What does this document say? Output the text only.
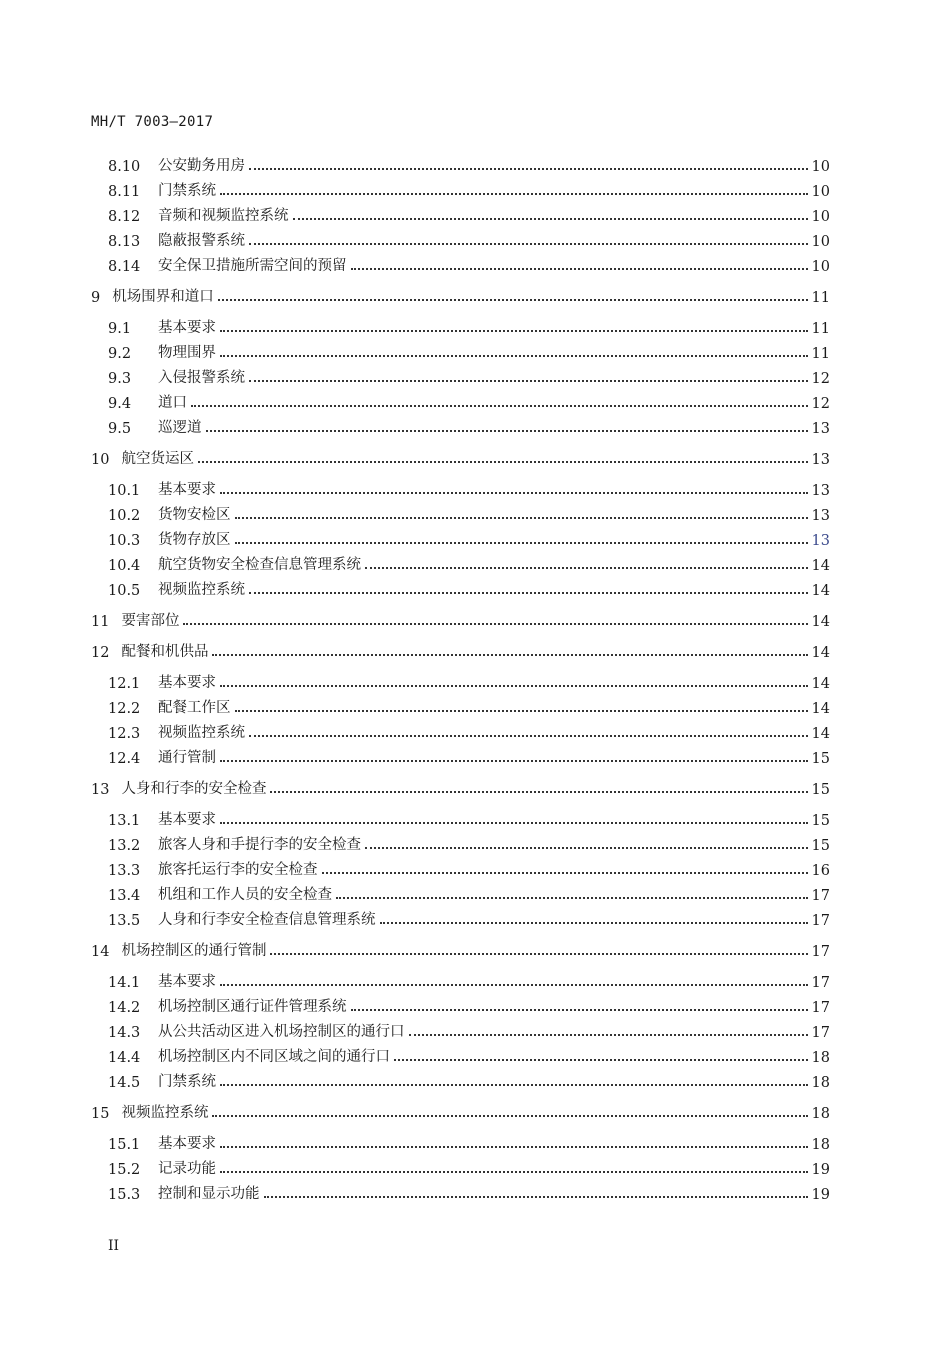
MH/T 7003—2017
8.10	公安勤务用房	10
8.11	门禁系统	10
8.12	音频和视频监控系统	10
8.13	隐蔽报警系统	10
8.14	安全保卫措施所需空间的预留	10
9 机场围界和道口	11
9.1	基本要求	11
9.2	物理围界	11
9.3	入侵报警系统	12
9.4	道口	12
9.5	巡逻道	13
10 航空货运区	13
10.1	基本要求	13
10.2	货物安检区	13
10.3	货物存放区	13
10.4	航空货物安全检查信息管理系统	14
10.5	视频监控系统	14
11 要害部位	14
12 配餐和机供品	14
12.1	基本要求	14
12.2	配餐工作区	14
12.3	视频监控系统	14
12.4	通行管制	15
13 人身和行李的安全检查	15
13.1	基本要求	15
13.2	旅客人身和手提行李的安全检查	15
13.3	旅客托运行李的安全检查	16
13.4	机组和工作人员的安全检查	17
13.5	人身和行李安全检查信息管理系统	17
14 机场控制区的通行管制	17
14.1	基本要求	17
14.2	机场控制区通行证件管理系统	17
14.3	从公共活动区进入机场控制区的通行口	17
14.4	机场控制区内不同区域之间的通行口	18
14.5	门禁系统	18
15 视频监控系统	18
15.1	基本要求	18
15.2	记录功能	19
15.3	控制和显示功能	19
II
